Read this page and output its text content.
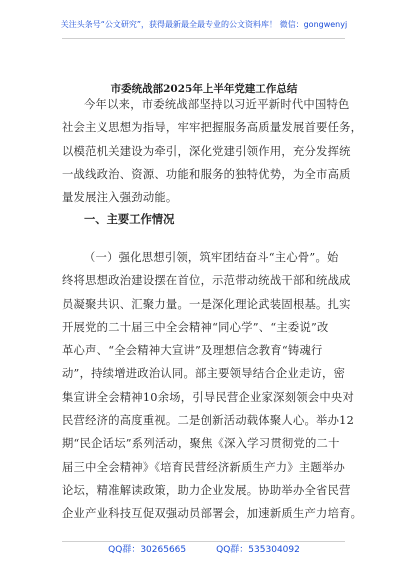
关注头条号“公文研究”，获得最新最全最专业的公文资料库！ 微信：gongwenyj
市委统战部2025年上半年党建工作总结
今年以来，市委统战部坚持以习近平新时代中国特色
社会主义思想为指导，牢牢把握服务高质量发展首要任务，
以模范机关建设为牵引，深化党建引领作用，充分发挥统
一战线政治、资源、功能和服务的独特优势，为全市高质
量发展注入强劲动能。
一、主要工作情况
（一）强化思想引领，筑牢团结奋斗“主心骨”。始
终将思想政治建设摆在首位，示范带动统战干部和统战成
员凝聚共识、汇聚力量。一是深化理论武装固根基。扎实
开展党的二十届三中全会精神“同心学”、“主委说”改
革心声、“全会精神大宣讲”及理想信念教育“铸魂行
动”，持续增进政治认同。部主要领导结合企业走访，密
集宣讲全会精神10余场，引导民营企业家深刻领会中央对
民营经济的高度重视。二是创新活动载体聚人心。举办12
期“民企话坛”系列活动，聚焦《深入学习贯彻党的二十
届三中全会精神》《培育民营经济新质生产力》主题举办
论坛，精准解读政策，助力企业发展。协助举办全省民营
企业产业科技互促双强动员部署会，加速新质生产力培育。
QQ群：30265665	QQ群：535304092
